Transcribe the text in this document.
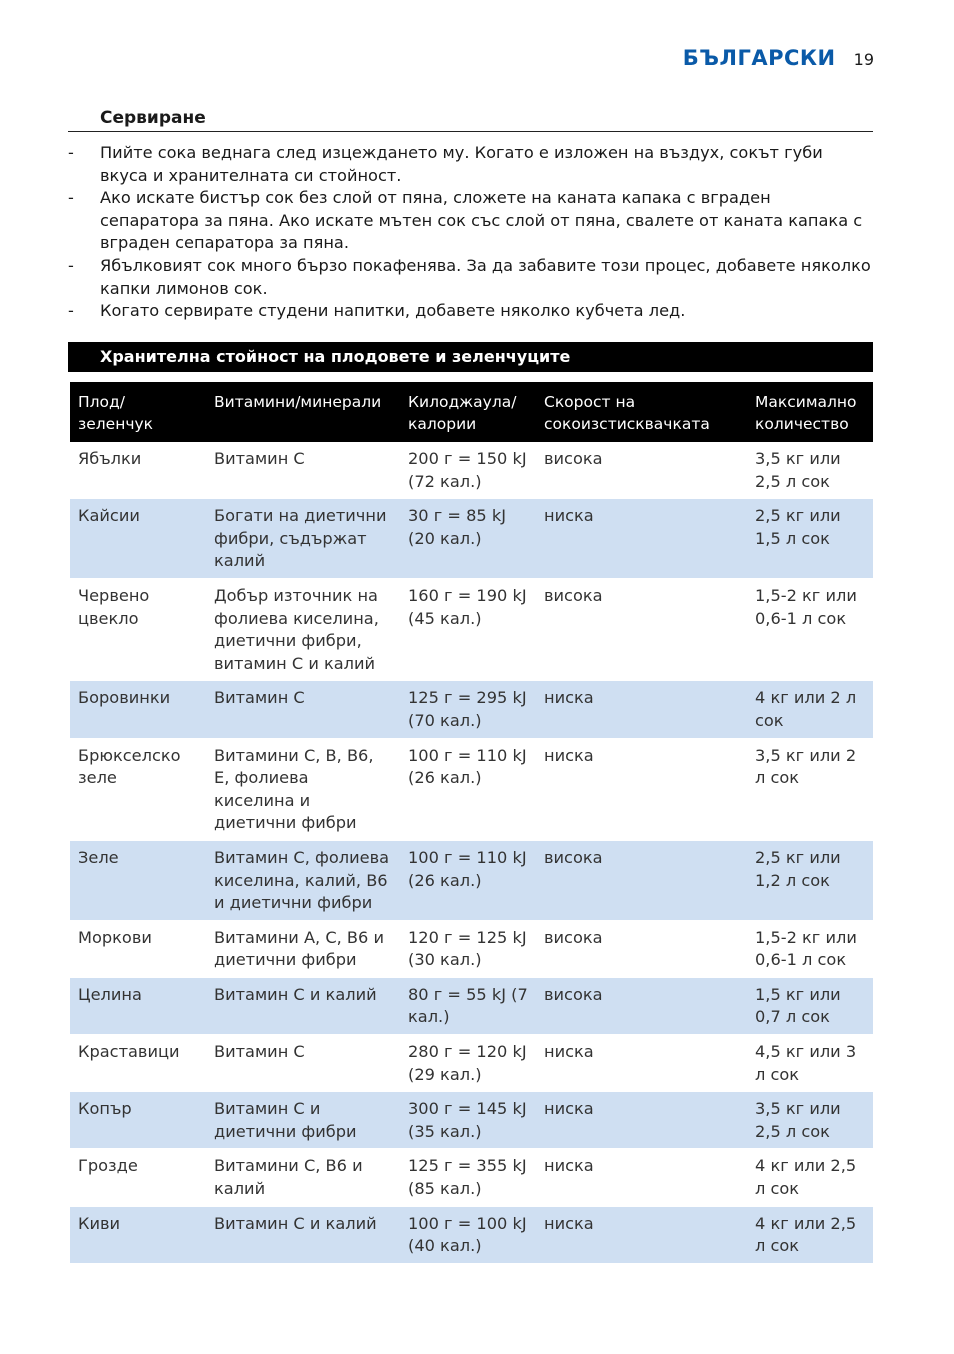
БЪЛГАРСКИ 19
Сервиране
- Пийте сока веднага след изцеждането му. Когато е изложен на въздух, сокът губи вкуса и хранителната си стойност.
- Ако искате бистър сок без слой от пяна, сложете на каната капака с вграден сепаратора за пяна. Ако искате мътен сок със слой от пяна, свалете от каната капака с вграден сепаратора за пяна.
- Ябълковият сок много бързо покафенява. За да забавите този процес, добавете няколко капки лимонов сок.
- Когато сервирате студени напитки, добавете няколко кубчета лед.
Хранителна стойност на плодовете и зеленчуците
Плод/ зеленчук	Витамини/минерали	Килоджаула/ калории	Скорост на сокоизстисквачката	Максимално количество
Ябълки	Витамин C	200 г = 150 kJ (72 кал.)	висока	3,5 кг или 2,5 л сок
Кайсии	Богати на диетични фибри, съдържат калий	30 г = 85 kJ (20 кал.)	ниска	2,5 кг или 1,5 л сок
Червено цвекло	Добър източник на фолиева киселина, диетични фибри, витамин C и калий	160 г = 190 kJ (45 кал.)	висока	1,5-2 кг или 0,6-1 л сок
Боровинки	Витамин C	125 г = 295 kJ (70 кал.)	ниска	4 кг или 2 л сок
Брюкселско зеле	Витамини C, B, B6, E, фолиева киселина и диетични фибри	100 г = 110 kJ (26 кал.)	ниска	3,5 кг или 2 л сок
Зеле	Витамин C, фолиева киселина, калий, B6 и диетични фибри	100 г = 110 kJ (26 кал.)	висока	2,5 кг или 1,2 л сок
Моркови	Витамини A, C, B6 и диетични фибри	120 г = 125 kJ (30 кал.)	висока	1,5-2 кг или 0,6-1 л сок
Целина	Витамин C и калий	80 г = 55 kJ (7 кал.)	висока	1,5 кг или 0,7 л сок
Краставици	Витамин C	280 г = 120 kJ (29 кал.)	ниска	4,5 кг или 3 л сок
Копър	Витамин C и диетични фибри	300 г = 145 kJ (35 кал.)	ниска	3,5 кг или 2,5 л сок
Грозде	Витамини C, B6 и калий	125 г = 355 kJ (85 кал.)	ниска	4 кг или 2,5 л сок
Киви	Витамин C и калий	100 г = 100 kJ (40 кал.)	ниска	4 кг или 2,5 л сок
